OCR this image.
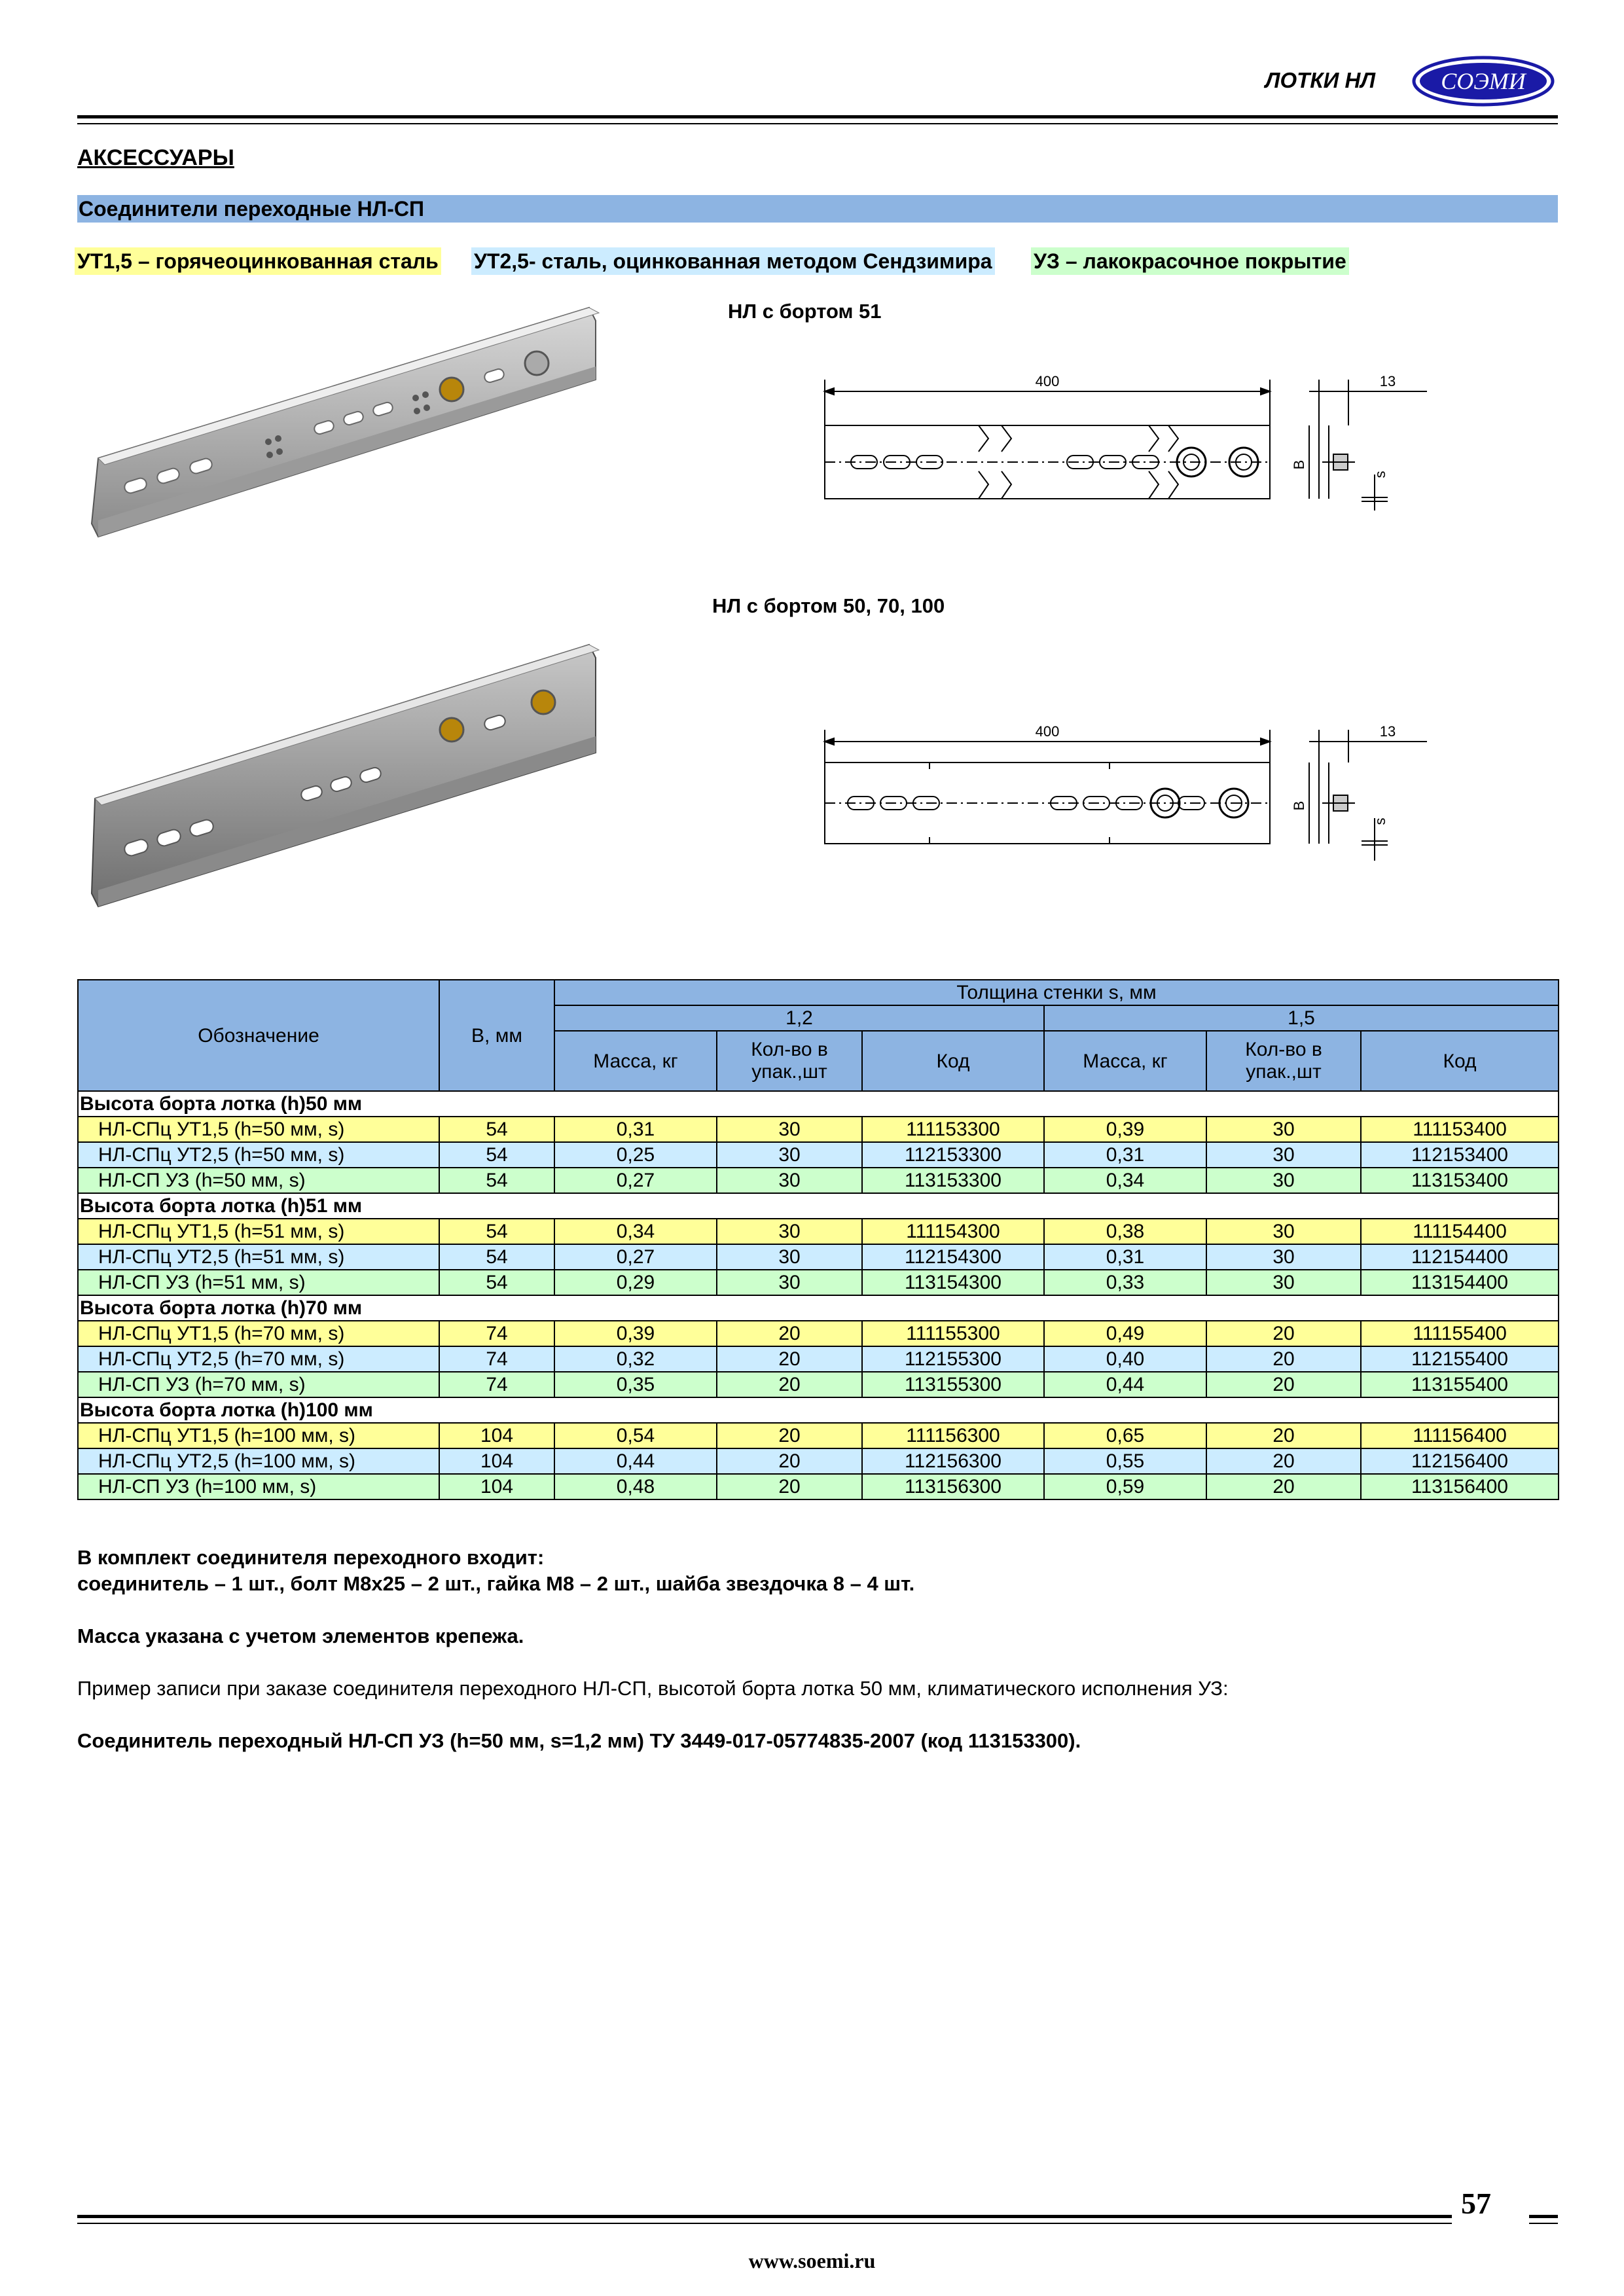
ЛОТКИ НЛ	СОЭМИ
АКСЕССУАРЫ
Соединители переходные НЛ-СП
УТ1,5 – горячеоцинкованная сталь УТ2,5- сталь, оцинкованная методом Сендзимира УЗ – лакокрасочное покрытие
НЛ с бортом 51
400	13
B
s
НЛ с бортом 50, 70, 100
400	13
B
s
Обозначение	B, мм	Толщина стенки s, мм					
		1,2			1,5		
		Масса, кг	Кол-во в упак.,шт	Код	Масса, кг	Кол-во в упак.,шт	Код
Высота борта лотка (h)50 мм							
НЛ-СПц УТ1,5 (h=50 мм, s)	54	0,31	30	111153300	0,39	30	111153400
НЛ-СПц УТ2,5 (h=50 мм, s)	54	0,25	30	112153300	0,31	30	112153400
НЛ-СП УЗ (h=50 мм, s)	54	0,27	30	113153300	0,34	30	113153400
Высота борта лотка (h)51 мм							
НЛ-СПц УТ1,5 (h=51 мм, s)	54	0,34	30	111154300	0,38	30	111154400
НЛ-СПц УТ2,5 (h=51 мм, s)	54	0,27	30	112154300	0,31	30	112154400
НЛ-СП УЗ (h=51 мм, s)	54	0,29	30	113154300	0,33	30	113154400
Высота борта лотка (h)70 мм							
НЛ-СПц УТ1,5 (h=70 мм, s)	74	0,39	20	111155300	0,49	20	111155400
НЛ-СПц УТ2,5 (h=70 мм, s)	74	0,32	20	112155300	0,40	20	112155400
НЛ-СП УЗ (h=70 мм, s)	74	0,35	20	113155300	0,44	20	113155400
Высота борта лотка (h)100 мм							
НЛ-СПц УТ1,5 (h=100 мм, s)	104	0,54	20	111156300	0,65	20	111156400
НЛ-СПц УТ2,5 (h=100 мм, s)	104	0,44	20	112156300	0,55	20	112156400
НЛ-СП УЗ (h=100 мм, s)	104	0,48	20	113156300	0,59	20	113156400
В комплект соединителя переходного входит:
соединитель – 1 шт., болт М8х25 – 2 шт., гайка М8 – 2 шт., шайба звездочка 8 – 4 шт.
Масса указана с учетом элементов крепежа.
Пример записи при заказе соединителя переходного НЛ-СП, высотой борта лотка 50 мм, климатического исполнения УЗ:
Соединитель переходный НЛ-СП УЗ (h=50 мм, s=1,2 мм) ТУ 3449-017-05774835-2007 (код 113153300).
57
www.soemi.ru
